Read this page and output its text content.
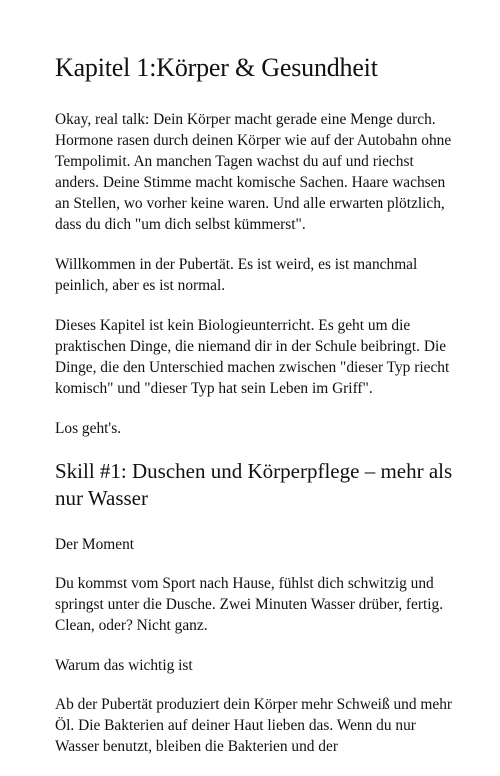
Kapitel 1:Körper & Gesundheit

Okay, real talk: Dein Körper macht gerade eine Menge durch. Hormone rasen durch deinen Körper wie auf der Autobahn ohne Tempolimit. An manchen Tagen wachst du auf und riechst anders. Deine Stimme macht komische Sachen. Haare wachsen an Stellen, wo vorher keine waren. Und alle erwarten plötzlich, dass du dich "um dich selbst kümmerst".

Willkommen in der Pubertät. Es ist weird, es ist manchmal peinlich, aber es ist normal.

Dieses Kapitel ist kein Biologieunterricht. Es geht um die praktischen Dinge, die niemand dir in der Schule beibringt. Die Dinge, die den Unterschied machen zwischen "dieser Typ riecht komisch" und "dieser Typ hat sein Leben im Griff".

Los geht's.

Skill #1: Duschen und Körperpflege – mehr als nur Wasser

Der Moment

Du kommst vom Sport nach Hause, fühlst dich schwitzig und springst unter die Dusche. Zwei Minuten Wasser drüber, fertig. Clean, oder? Nicht ganz.

Warum das wichtig ist

Ab der Pubertät produziert dein Körper mehr Schweiß und mehr Öl. Die Bakterien auf deiner Haut lieben das. Wenn du nur Wasser benutzt, bleiben die Bakterien und der
